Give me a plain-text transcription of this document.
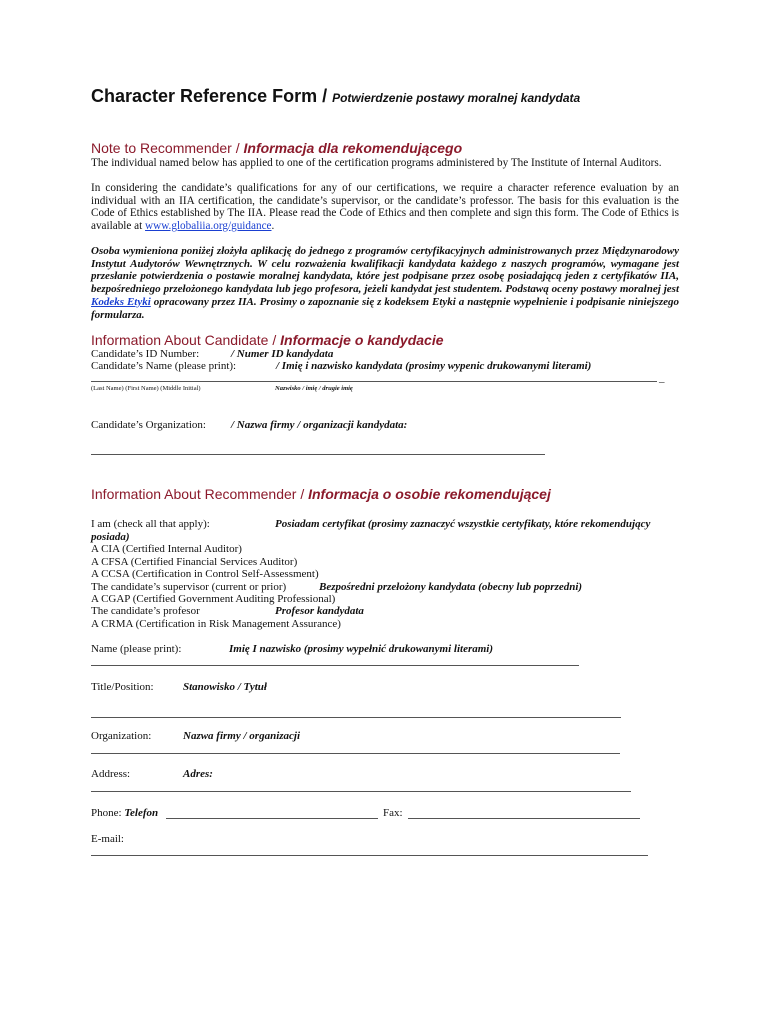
Character Reference Form / Potwierdzenie postawy moralnej kandydata
Note to Recommender / Informacja dla rekomendującego
The individual named below has applied to one of the certification programs administered by The Institute of Internal Auditors.
In considering the candidate’s qualifications for any of our certifications, we require a character reference evaluation by an individual with an IIA certification, the candidate’s supervisor, or the candidate’s professor. The basis for this evaluation is the Code of Ethics established by The IIA. Please read the Code of Ethics and then complete and sign this form. The Code of Ethics is available at www.globaliia.org/guidance.
Osoba wymieniona poniżej złożyła aplikację do jednego z programów certyfikacyjnych administrowanych przez Międzynarodowy Instytut Audytorów Wewnętrznych. W celu rozważenia kwalifikacji kandydata każdego z naszych programów, wymagane jest przesłanie potwierdzenia o postawie moralnej kandydata, które jest podpisane przez osobę posiadającą jeden z certyfikatów IIA, bezpośredniego przełożonego kandydata lub jego profesora, jeżeli kandydat jest studentem. Podstawą oceny postawy moralnej jest Kodeks Etyki opracowany przez IIA. Prosimy o zapoznanie się z kodeksem Etyki a następnie wypełnienie i podpisanie niniejszego formularza.
Information About Candidate / Informacje o kandydacie
Candidate’s ID Number:	/ Numer ID kandydata
Candidate’s Name (please print):	/ Imię i nazwisko kandydata (prosimy wypenic drukowanymi literami)
_
(Last Name) (First Name) (Middle Initial)	Nazwisko / imię / drugie imię
Candidate’s Organization: / Nazwa firmy / organizacji kandydata:
Information About Recommender / Informacja o osobie rekomendującej
I am (check all that apply):	Posiadam certyfikat (prosimy zaznaczyć wszystkie certyfikaty, które rekomendujący
posiada)
A CIA (Certified Internal Auditor)
A CFSA (Certified Financial Services Auditor)
A CCSA (Certification in Control Self-Assessment)
The candidate’s supervisor (current or prior)	Bezpośredni przełożony kandydata (obecny lub poprzedni)
A CGAP (Certified Government Auditing Professional)
The candidate’s profesor	Profesor kandydata
A CRMA (Certification in Risk Management Assurance)
Name (please print):	Imię I nazwisko (prosimy wypełnić drukowanymi literami)
Title/Position:	Stanowisko / Tytuł
Organization:	Nazwa firmy / organizacji
Address:	Adres:
Phone: Telefon	Fax:
E-mail:
